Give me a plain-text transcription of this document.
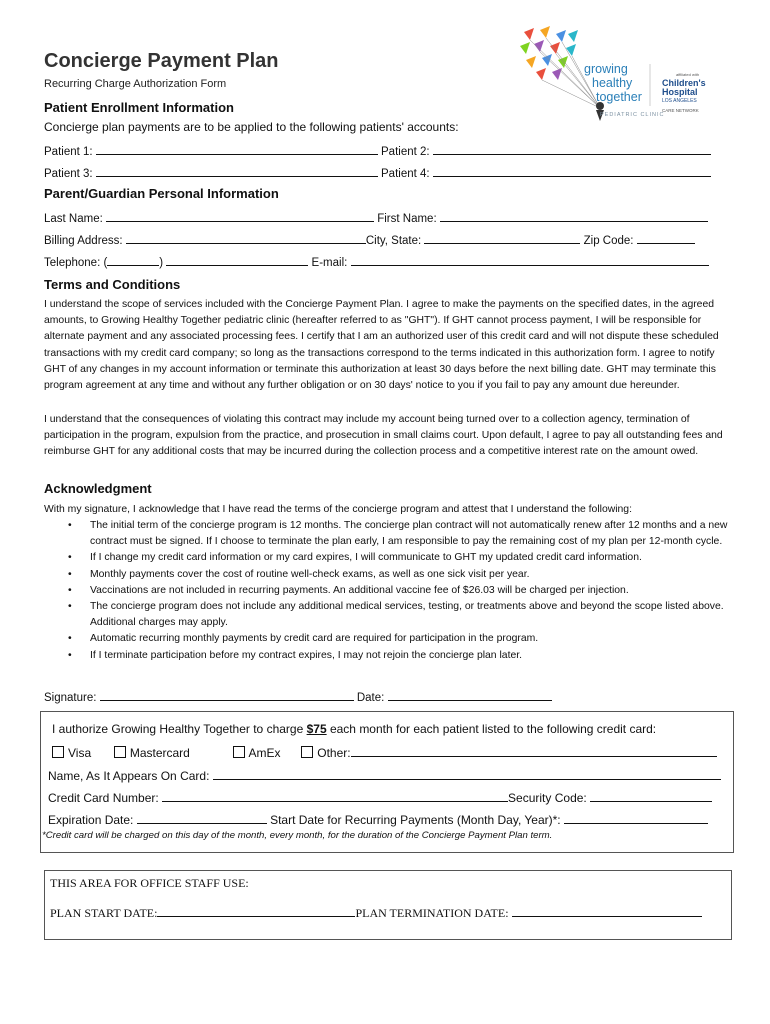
Concierge Payment Plan
Recurring Charge Authorization Form
growing
healthy
together
PEDIATRIC CLINIC
affiliated with
Children's
Hospital
LOS ANGELES
CARE NETWORK
Patient Enrollment Information
Concierge plan payments are to be applied to the following patients' accounts:
Patient 1:	Patient 2:
Patient 3:	Patient 4:
Parent/Guardian Personal Information
Last Name:	First Name:
Billing Address:	City, State:	Zip Code:
Telephone: (	)	E-mail:
Terms and Conditions
I understand the scope of services included with the Concierge Payment Plan. I agree to make the payments on the specified dates, in the agreed amounts, to Growing Healthy Together pediatric clinic (hereafter referred to as "GHT"). If GHT cannot process payment, I will be responsible for alternate payment and any associated processing fees. I certify that I am an authorized user of this credit card and will not dispute these scheduled transactions with my credit card company; so long as the transactions correspond to the terms indicated in this authorization form. I agree to notify GHT of any changes in my account information or terminate this authorization at least 30 days before the next billing date. GHT may terminate this program agreement at any time and without any further obligation or on 30 days' notice to you if you fail to pay any amount due hereunder.
I understand that the consequences of violating this contract may include my account being turned over to a collection agency, termination of participation in the program, expulsion from the practice, and prosecution in small claims court. Upon default, I agree to pay all outstanding fees and reimburse GHT for any additional costs that may be incurred during the collection process and a competitive interest rate on the amount owed.
Acknowledgment
With my signature, I acknowledge that I have read the terms of the concierge program and attest that I understand the following:
• The initial term of the concierge program is 12 months. The concierge plan contract will not automatically renew after 12 months and a new contract must be signed. If I choose to terminate the plan early, I am responsible to pay the remaining cost of my plan per 12-month cycle.
• If I change my credit card information or my card expires, I will communicate to GHT my updated credit card information.
• Monthly payments cover the cost of routine well-check exams, as well as one sick visit per year.
• Vaccinations are not included in recurring payments. An additional vaccine fee of $26.03 will be charged per injection.
• The concierge program does not include any additional medical services, testing, or treatments above and beyond the scope listed above. Additional charges may apply.
• Automatic recurring monthly payments by credit card are required for participation in the program.
• If I terminate participation before my contract expires, I may not rejoin the concierge plan later.
Signature:	Date:
I authorize Growing Healthy Together to charge $75 each month for each patient listed to the following credit card:
Visa	Mastercard	AmEx	Other:
Name, As It Appears On Card:
Credit Card Number:	Security Code:
Expiration Date:	Start Date for Recurring Payments (Month Day, Year)*:
*Credit card will be charged on this day of the month, every month, for the duration of the Concierge Payment Plan term.
THIS AREA FOR OFFICE STAFF USE:
PLAN START DATE:	PLAN TERMINATION DATE:
